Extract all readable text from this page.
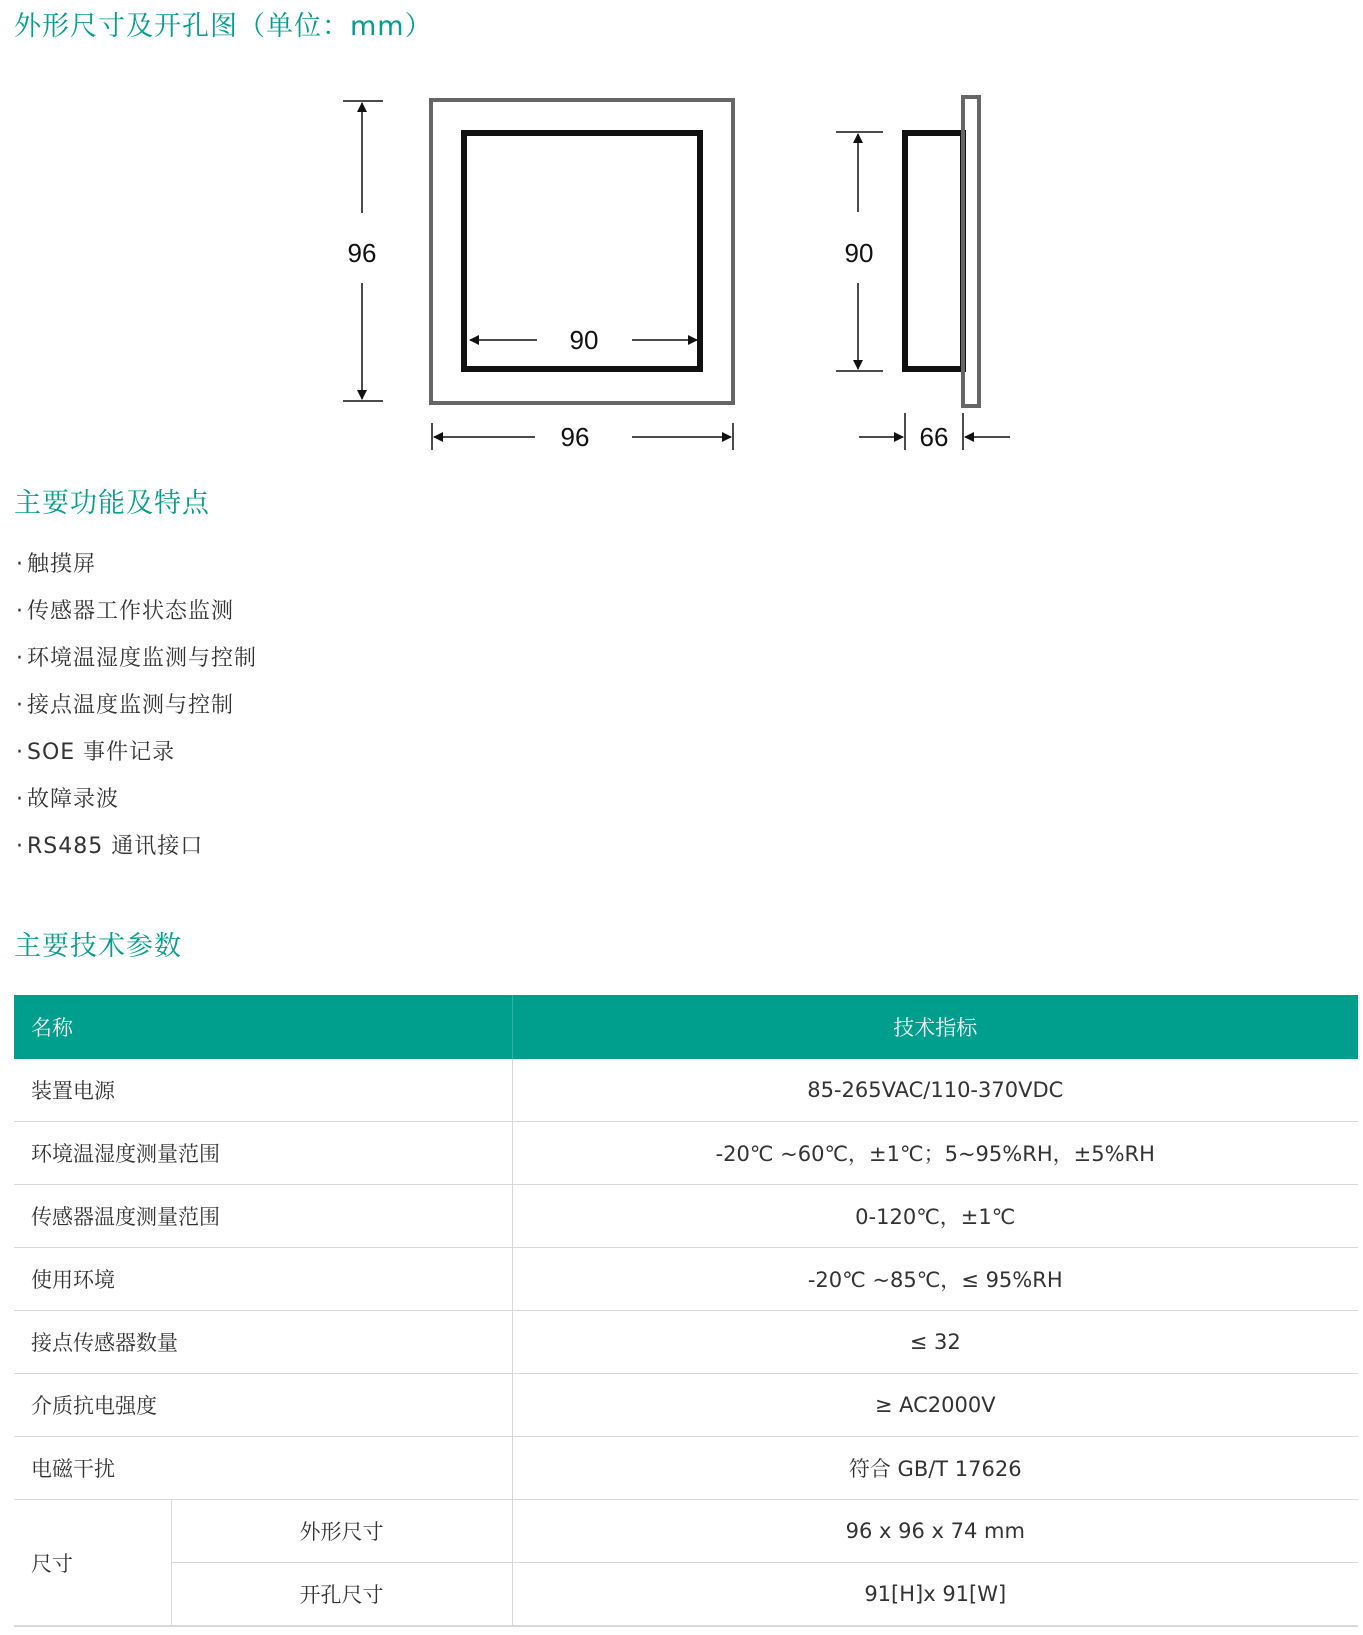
外形尺寸及开孔图（单位：mm）
96
90
96
90
66
主要功能及特点
· 触摸屏
· 传感器工作状态监测
· 环境温湿度监测与控制
· 接点温度监测与控制
· SOE 事件记录
· 故障录波
· RS485 通讯接口
主要技术参数
名称		技术指标
装置电源		85-265VAC/110-370VDC
环境温湿度测量范围		-20℃ ~60℃，±1℃；5~95%RH，±5%RH
传感器温度测量范围		0-120℃，±1℃
使用环境		-20℃ ~85℃，≤ 95%RH
接点传感器数量		≤ 32
介质抗电强度		≥ AC2000V
电磁干扰		符合 GB/T 17626
尺寸	外形尺寸	96 x 96 x 74 mm
	开孔尺寸	91[H]x 91[W]
